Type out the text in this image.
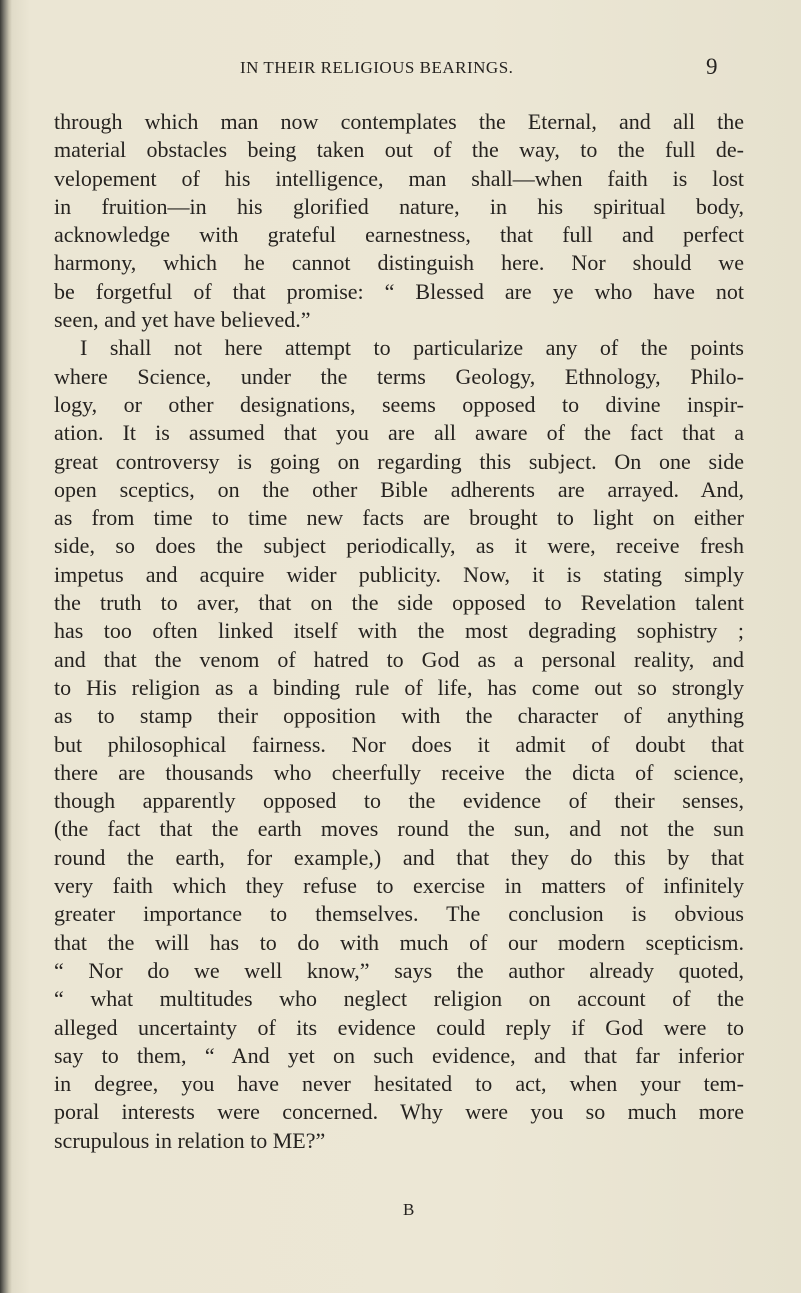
IN THEIR RELIGIOUS BEARINGS.	9
through which man now contemplates the Eternal, and all the
material obstacles being taken out of the way, to the full de-
velopement of his intelligence, man shall—when faith is lost
in fruition—in his glorified nature, in his spiritual body,
acknowledge with grateful earnestness, that full and perfect
harmony, which he cannot distinguish here. Nor should we
be forgetful of that promise: “ Blessed are ye who have not
seen, and yet have believed.”
I shall not here attempt to particularize any of the points
where Science, under the terms Geology, Ethnology, Philo-
logy, or other designations, seems opposed to divine inspir-
ation. It is assumed that you are all aware of the fact that a
great controversy is going on regarding this subject. On one side
open sceptics, on the other Bible adherents are arrayed. And,
as from time to time new facts are brought to light on either
side, so does the subject periodically, as it were, receive fresh
impetus and acquire wider publicity. Now, it is stating simply
the truth to aver, that on the side opposed to Revelation talent
has too often linked itself with the most degrading sophistry ;
and that the venom of hatred to God as a personal reality, and
to His religion as a binding rule of life, has come out so strongly
as to stamp their opposition with the character of anything
but philosophical fairness. Nor does it admit of doubt that
there are thousands who cheerfully receive the dicta of science,
though apparently opposed to the evidence of their senses,
(the fact that the earth moves round the sun, and not the sun
round the earth, for example,) and that they do this by that
very faith which they refuse to exercise in matters of infinitely
greater importance to themselves. The conclusion is obvious
that the will has to do with much of our modern scepticism.
“ Nor do we well know,” says the author already quoted,
“ what multitudes who neglect religion on account of the
alleged uncertainty of its evidence could reply if God were to
say to them, “ And yet on such evidence, and that far inferior
in degree, you have never hesitated to act, when your tem-
poral interests were concerned. Why were you so much more
scrupulous in relation to ME?”
B
